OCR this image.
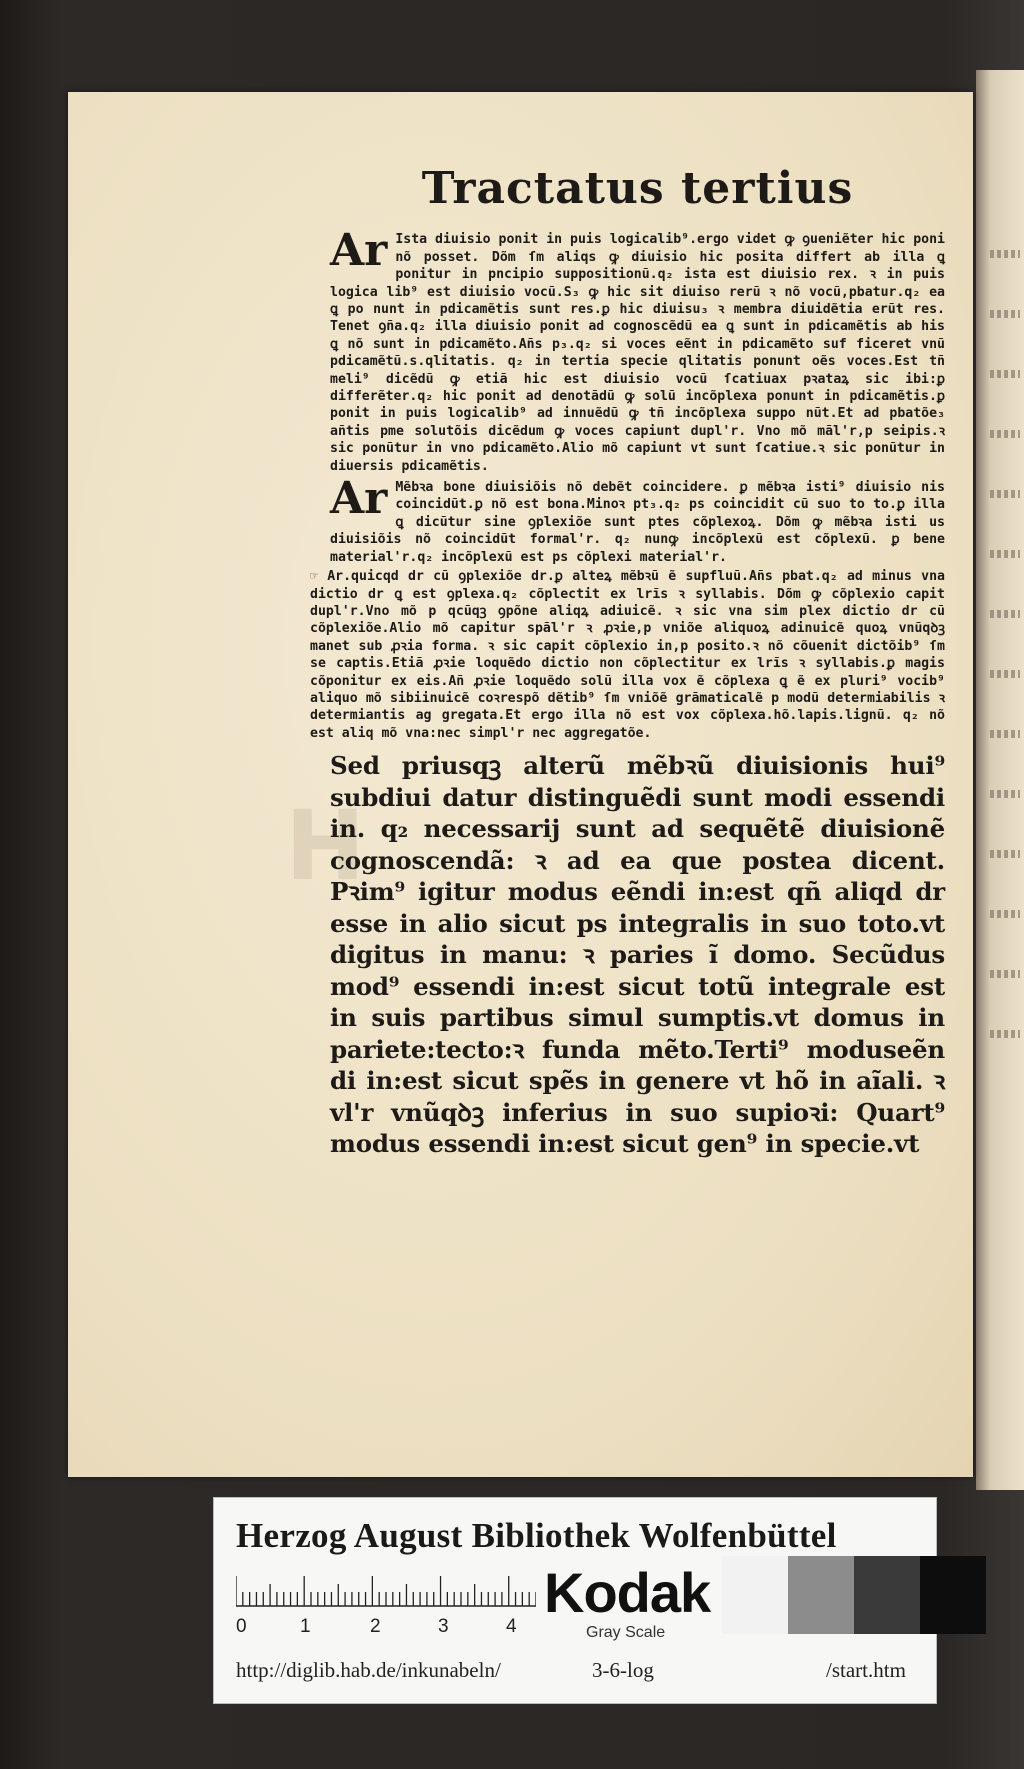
H
Tractatus tertius
Ar Ista diuisio ponit in puis logicalib⁹.ergo videt ꝙ ꝯueniẽter hic poni nõ posset. Dõm ſm aliqs ꝙ diuisio hic posita differt ab illa ꝗ ponitur in pncipio suppositionũ.q₂ ista est diuisio rex. ꝛ in puis logica lib⁹ est diuisio vocũ.S₃ ꝙ hic sit diuiso rerũ ꝛ nõ vocũ,pbatur.q₂ ea ꝗ po nunt in pdicamẽtis sunt res.ꝑ hic diuisu₃ ꝛ membra diuidẽtia erũt res. Tenet ꝯña.q₂ illa diuisio ponit ad cognoscẽdũ ea ꝗ sunt in pdicamẽtis ab his ꝗ nõ sunt in pdicamẽto.Añs p₃.q₂ si voces eẽnt in pdicamẽto suf ficeret vnũ pdicamẽtũ.s.qlitatis. q₂ in tertia specie qlitatis ponunt oẽs voces.Est tñ meli⁹ dicẽdũ ꝙ etiã hic est diuisio vocũ ſcatiuax pꝛataꝝ sic ibi:ꝑ differẽter.q₂ hic ponit ad denotãdũ ꝙ solũ incõplexa ponunt in pdicamẽtis.ꝑ ponit in puis logicalib⁹ ad innuẽdũ ꝙ tñ incõplexa suppo nũt.Et ad pbatõe₃ añtis pme solutõis dicẽdum ꝙ voces capiunt dupl'r. Vno mõ mãl'r,p seipis.ꝛ sic ponũtur in vno pdicamẽto.Alio mõ capiunt vt sunt ſcatiue.ꝛ sic ponũtur in diuersis pdicamẽtis.
Ar Mẽbꝛa bone diuisiõis nõ debẽt coincidere. ꝑ mẽbꝛa isti⁹ diuisio nis coincidũt.ꝑ nõ est bona.Minoꝛ pt₃.q₂ ps coincidit cũ suo to to.ꝑ illa ꝗ dicũtur sine ꝯplexiõe sunt ptes cõplexoꝝ. Dõm ꝙ mẽbꝛa isti us diuisiõis nõ coincidũt formal'r. q₂ nunꝙ incõplexũ est cõplexũ. ꝑ bene material'r.q₂ incõplexũ est ps cõplexi material'r.
☞ Ar.quicqd dr cũ ꝯplexiõe dr.ꝑ alteꝝ mẽbꝛũ ẽ supfluũ.Añs pbat.q₂ ad minus vna dictio dr ꝗ est ꝯplexa.q₂ cõplectit ex lrĩs ꝛ syllabis. Dõm ꝙ cõplexio capit dupl'r.Vno mõ p qcũqꝫ ꝯpõne aliqꝝ adiuicẽ. ꝛ sic vna sim plex dictio dr cũ cõplexiõe.Alio mõ capitur spãl'r ꝛ ꝓꝛie,p vniõe aliquoꝝ adinuicẽ quoꝝ vnũqꝺꝫ manet sub ꝓꝛia forma. ꝛ sic capit cõplexio in,p posito.ꝛ nõ cõuenit dictõib⁹ ſm se captis.Etiã ꝓꝛie loquẽdo dictio non cõplectitur ex lrĩs ꝛ syllabis.ꝑ magis cõponitur ex eis.Añ ꝓꝛie loquẽdo solũ illa vox ẽ cõplexa ꝗ ẽ ex pluri⁹ vocib⁹ aliquo mõ sibiinuicẽ coꝛrespõ dẽtib⁹ ſm vniõẽ grãmaticalẽ p modũ determiabilis ꝛ determiantis ag gregata.Et ergo illa nõ est vox cõplexa.hõ.lapis.lignũ. q₂ nõ est aliq mõ vna:nec simpl'r nec aggregatõe.
Sed priusqꝫ alterũ mẽbꝛũ diuisionis hui⁹ subdiui datur distinguẽdi sunt modi essendi in. q₂ necessarij sunt ad sequẽtẽ diuisionẽ cognoscendã: ꝛ ad ea que postea dicent. Pꝛim⁹ igitur modus eẽndi in:est qñ aliqd dr esse in alio sicut ps integralis in suo toto.vt digitus in manu: ꝛ paries ĩ domo. Secũdus mod⁹ essendi in:est sicut totũ integrale est in suis partibus simul sumptis.vt domus in pariete:tecto:ꝛ funda mẽto.Terti⁹ moduseẽn di in:est sicut spẽs in genere vt hõ in aĩali. ꝛ vl'r vnũqꝺꝫ inferius in suo supioꝛi: Quart⁹ modus essendi in:est sicut gen⁹ in specie.vt
Herzog August Bibliothek Wolfenbüttel
0	1	2	3	4
Kodak
Gray Scale
http://diglib.hab.de/inkunabeln/	3-6-log	/start.htm
